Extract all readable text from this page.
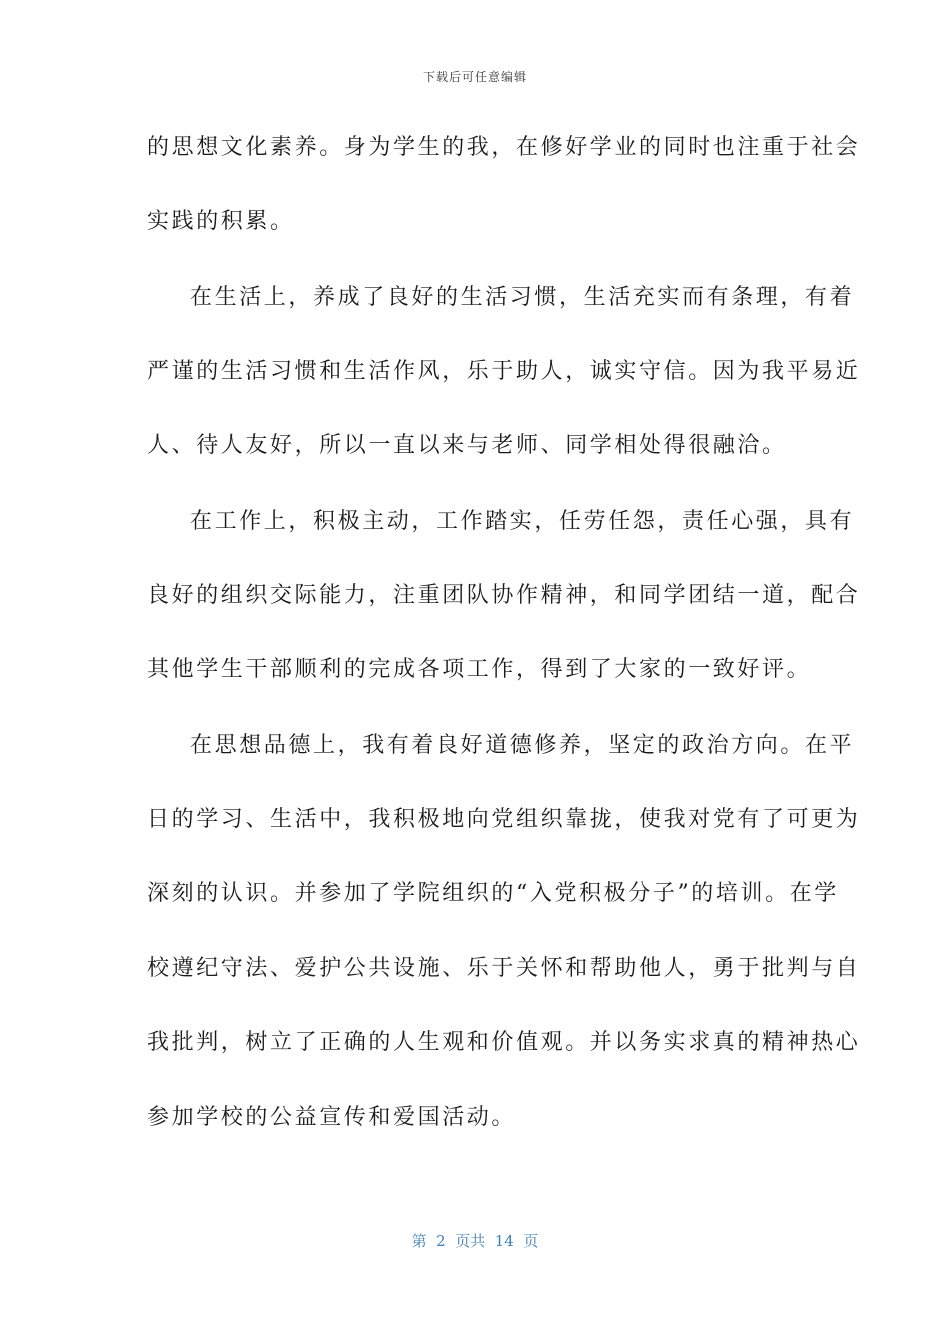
下载后可任意编辑
的思想文化素养。身为学生的我，在修好学业的同时也注重于社会
实践的积累。
在生活上，养成了良好的生活习惯，生活充实而有条理，有着
严谨的生活习惯和生活作风，乐于助人，诚实守信。因为我平易近
人、待人友好，所以一直以来与老师、同学相处得很融洽。
在工作上，积极主动，工作踏实，任劳任怨，责任心强，具有
良好的组织交际能力，注重团队协作精神，和同学团结一道，配合
其他学生干部顺利的完成各项工作，得到了大家的一致好评。
在思想品德上，我有着良好道德修养，坚定的政治方向。在平
日的学习、生活中，我积极地向党组织靠拢，使我对党有了可更为
深刻的认识。并参加了学院组织的“入党积极分子”的培训。在学
校遵纪守法、爱护公共设施、乐于关怀和帮助他人，勇于批判与自
我批判，树立了正确的人生观和价值观。并以务实求真的精神热心
参加学校的公益宣传和爱国活动。
第  2  页共  14  页
